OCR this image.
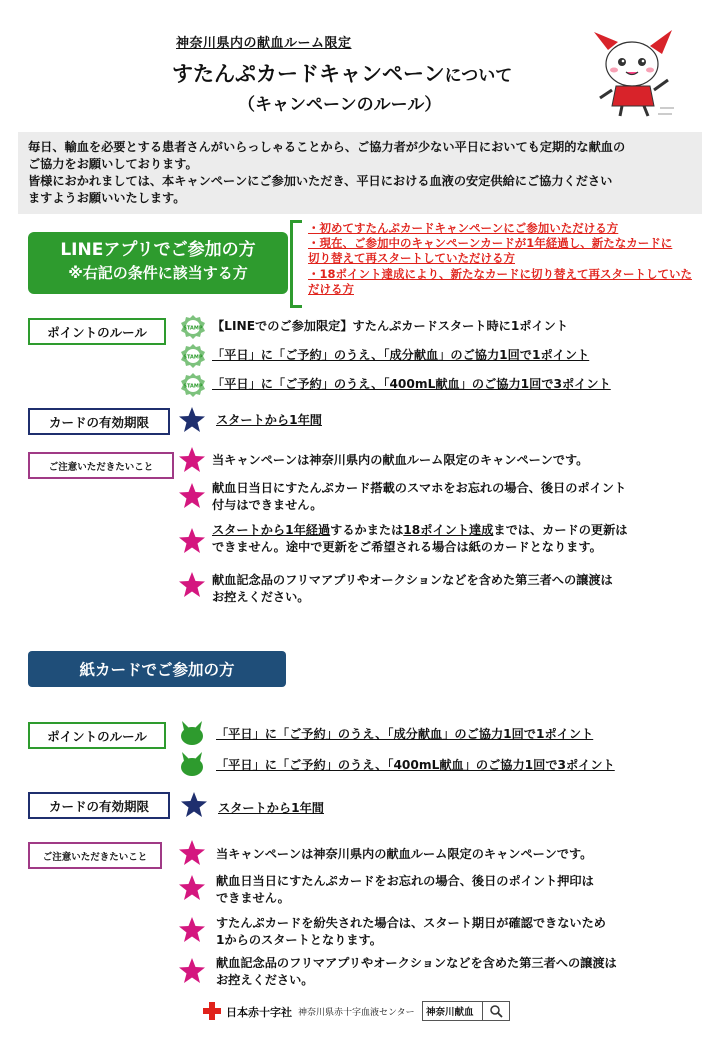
神奈川県内の献血ルーム限定
すたんぷカードキャンペーンについて
（キャンペーンのルール）

毎日、輸血を必要とする患者さんがいらっしゃることから、ご協力者が少ない平日においても定期的な献血の

ご協力をお願いしております。

皆様におかれましては、本キャンペーンにご参加いただき、平日における血液の安定供給にご協力ください

ますようお願いいたします。

LINEアプリでご参加の方
※右記の条件に該当する方
・初めてすたんぷカードキャンペーンにご参加いただける方
・現在、ご参加中のキャンペーンカードが1年経過し、新たなカードに
切り替えて再スタートしていただける方
・18ポイント達成により、新たなカードに切り替えて再スタートしていた
だける方
ポイントのルール	STAMP 【LINEでのご参加限定】すたんぷカードスタート時に1ポイント
STAMP 「平日」に「ご予約」のうえ、「成分献血」のご協力1回で1ポイント
STAMP 「平日」に「ご予約」のうえ、「400mL献血」のご協力1回で3ポイント
カードの有効期限	スタートから1年間
ご注意いただきたいこと	当キャンペーンは神奈川県内の献血ルーム限定のキャンペーンです。
献血日当日にすたんぷカード搭載のスマホをお忘れの場合、後日のポイント
付与はできません。
スタートから1年経過するかまたは18ポイント達成までは、カードの更新は
できません。途中で更新をご希望される場合は紙のカードとなります。
献血記念品のフリマアプリやオークションなどを含めた第三者への譲渡は
お控えください。
紙カードでご参加の方
ポイントのルール	「平日」に「ご予約」のうえ、「成分献血」のご協力1回で1ポイント
「平日」に「ご予約」のうえ、「400mL献血」のご協力1回で3ポイント
カードの有効期限	スタートから1年間
ご注意いただきたいこと	当キャンペーンは神奈川県内の献血ルーム限定のキャンペーンです。
献血日当日にすたんぷカードをお忘れの場合、後日のポイント押印は
できません。
すたんぷカードを紛失された場合は、スタート期日が確認できないため
1からのスタートとなります。
献血記念品のフリマアプリやオークションなどを含めた第三者への譲渡は
お控えください。
日本赤十字社 神奈川県赤十字血液センター	神奈川献血
